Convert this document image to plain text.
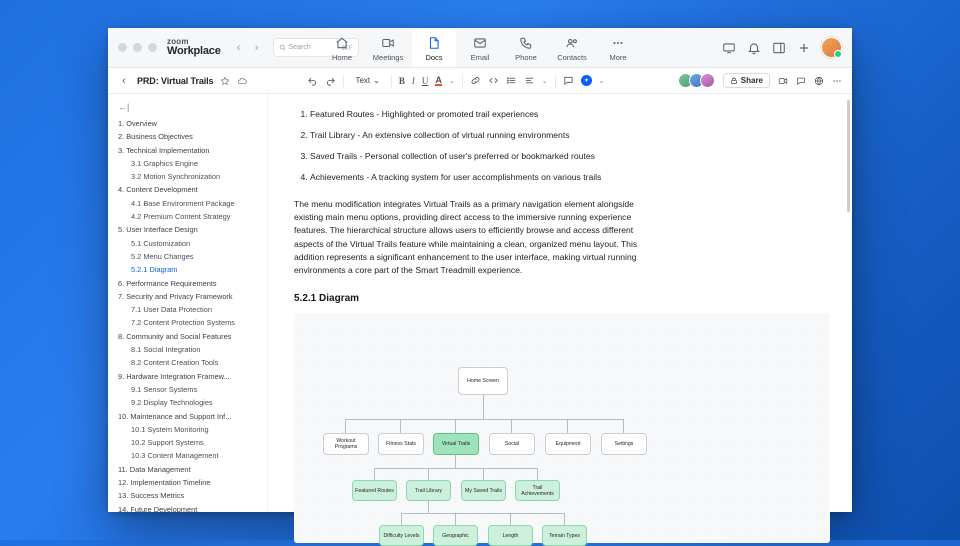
zoom
Workplace	‹	›	Search	⌘F
Home	Meetings	Docs	Email	Phone	Contacts	More
‹	PRD: Virtual Trails	Text ⌄ B I U A ⌄	⌄	⌄	Share
←|
1. Overview
2. Business Objectives
3. Technical Implementation
3.1 Graphics Engine
3.2 Motion Synchronization
4. Content Development
4.1 Base Environment Package
4.2 Premium Content Strategy
5. User Interface Design
5.1 Customization
5.2 Menu Changes
5.2.1 Diagram
6. Performance Requirements
7. Security and Privacy Framework
7.1 User Data Protection
7.2 Content Protection Systems
8. Community and Social Features
8.1 Social Integration
8.2 Content Creation Tools
9. Hardware Integration Framew...
9.1 Sensor Systems
9.2 Display Technologies
10. Maintenance and Support Inf...
10.1 System Monitoring
10.2 Support Systems
10.3 Content Management
11. Data Management
12. Implementation Timeline
13. Success Metrics
14. Future Development
1. Featured Routes - Highlighted or promoted trail experiences
2. Trail Library - An extensive collection of virtual running environments
3. Saved Trails - Personal collection of user's preferred or bookmarked routes
4. Achievements - A tracking system for user accomplishments on various trails

The menu modification integrates Virtual Trails as a primary navigation element alongside existing main menu options, providing direct access to the immersive running experience features. The hierarchical structure allows users to efficiently browse and access different aspects of the Virtual Trails feature while maintaining a clean, organized menu layout. This addition represents a significant enhancement to the user interface, making virtual running environments a core part of the Smart Treadmill experience.

5.2.1 Diagram
Home Screen
Workout Programs
Fitness Stats	Virtual Trails	Social	Equipment	Settings
Featured Routes	Trail Library	My Saved Trails
Trail Achievements
Difficulty Levels	Geographic	Length	Terrain Types
